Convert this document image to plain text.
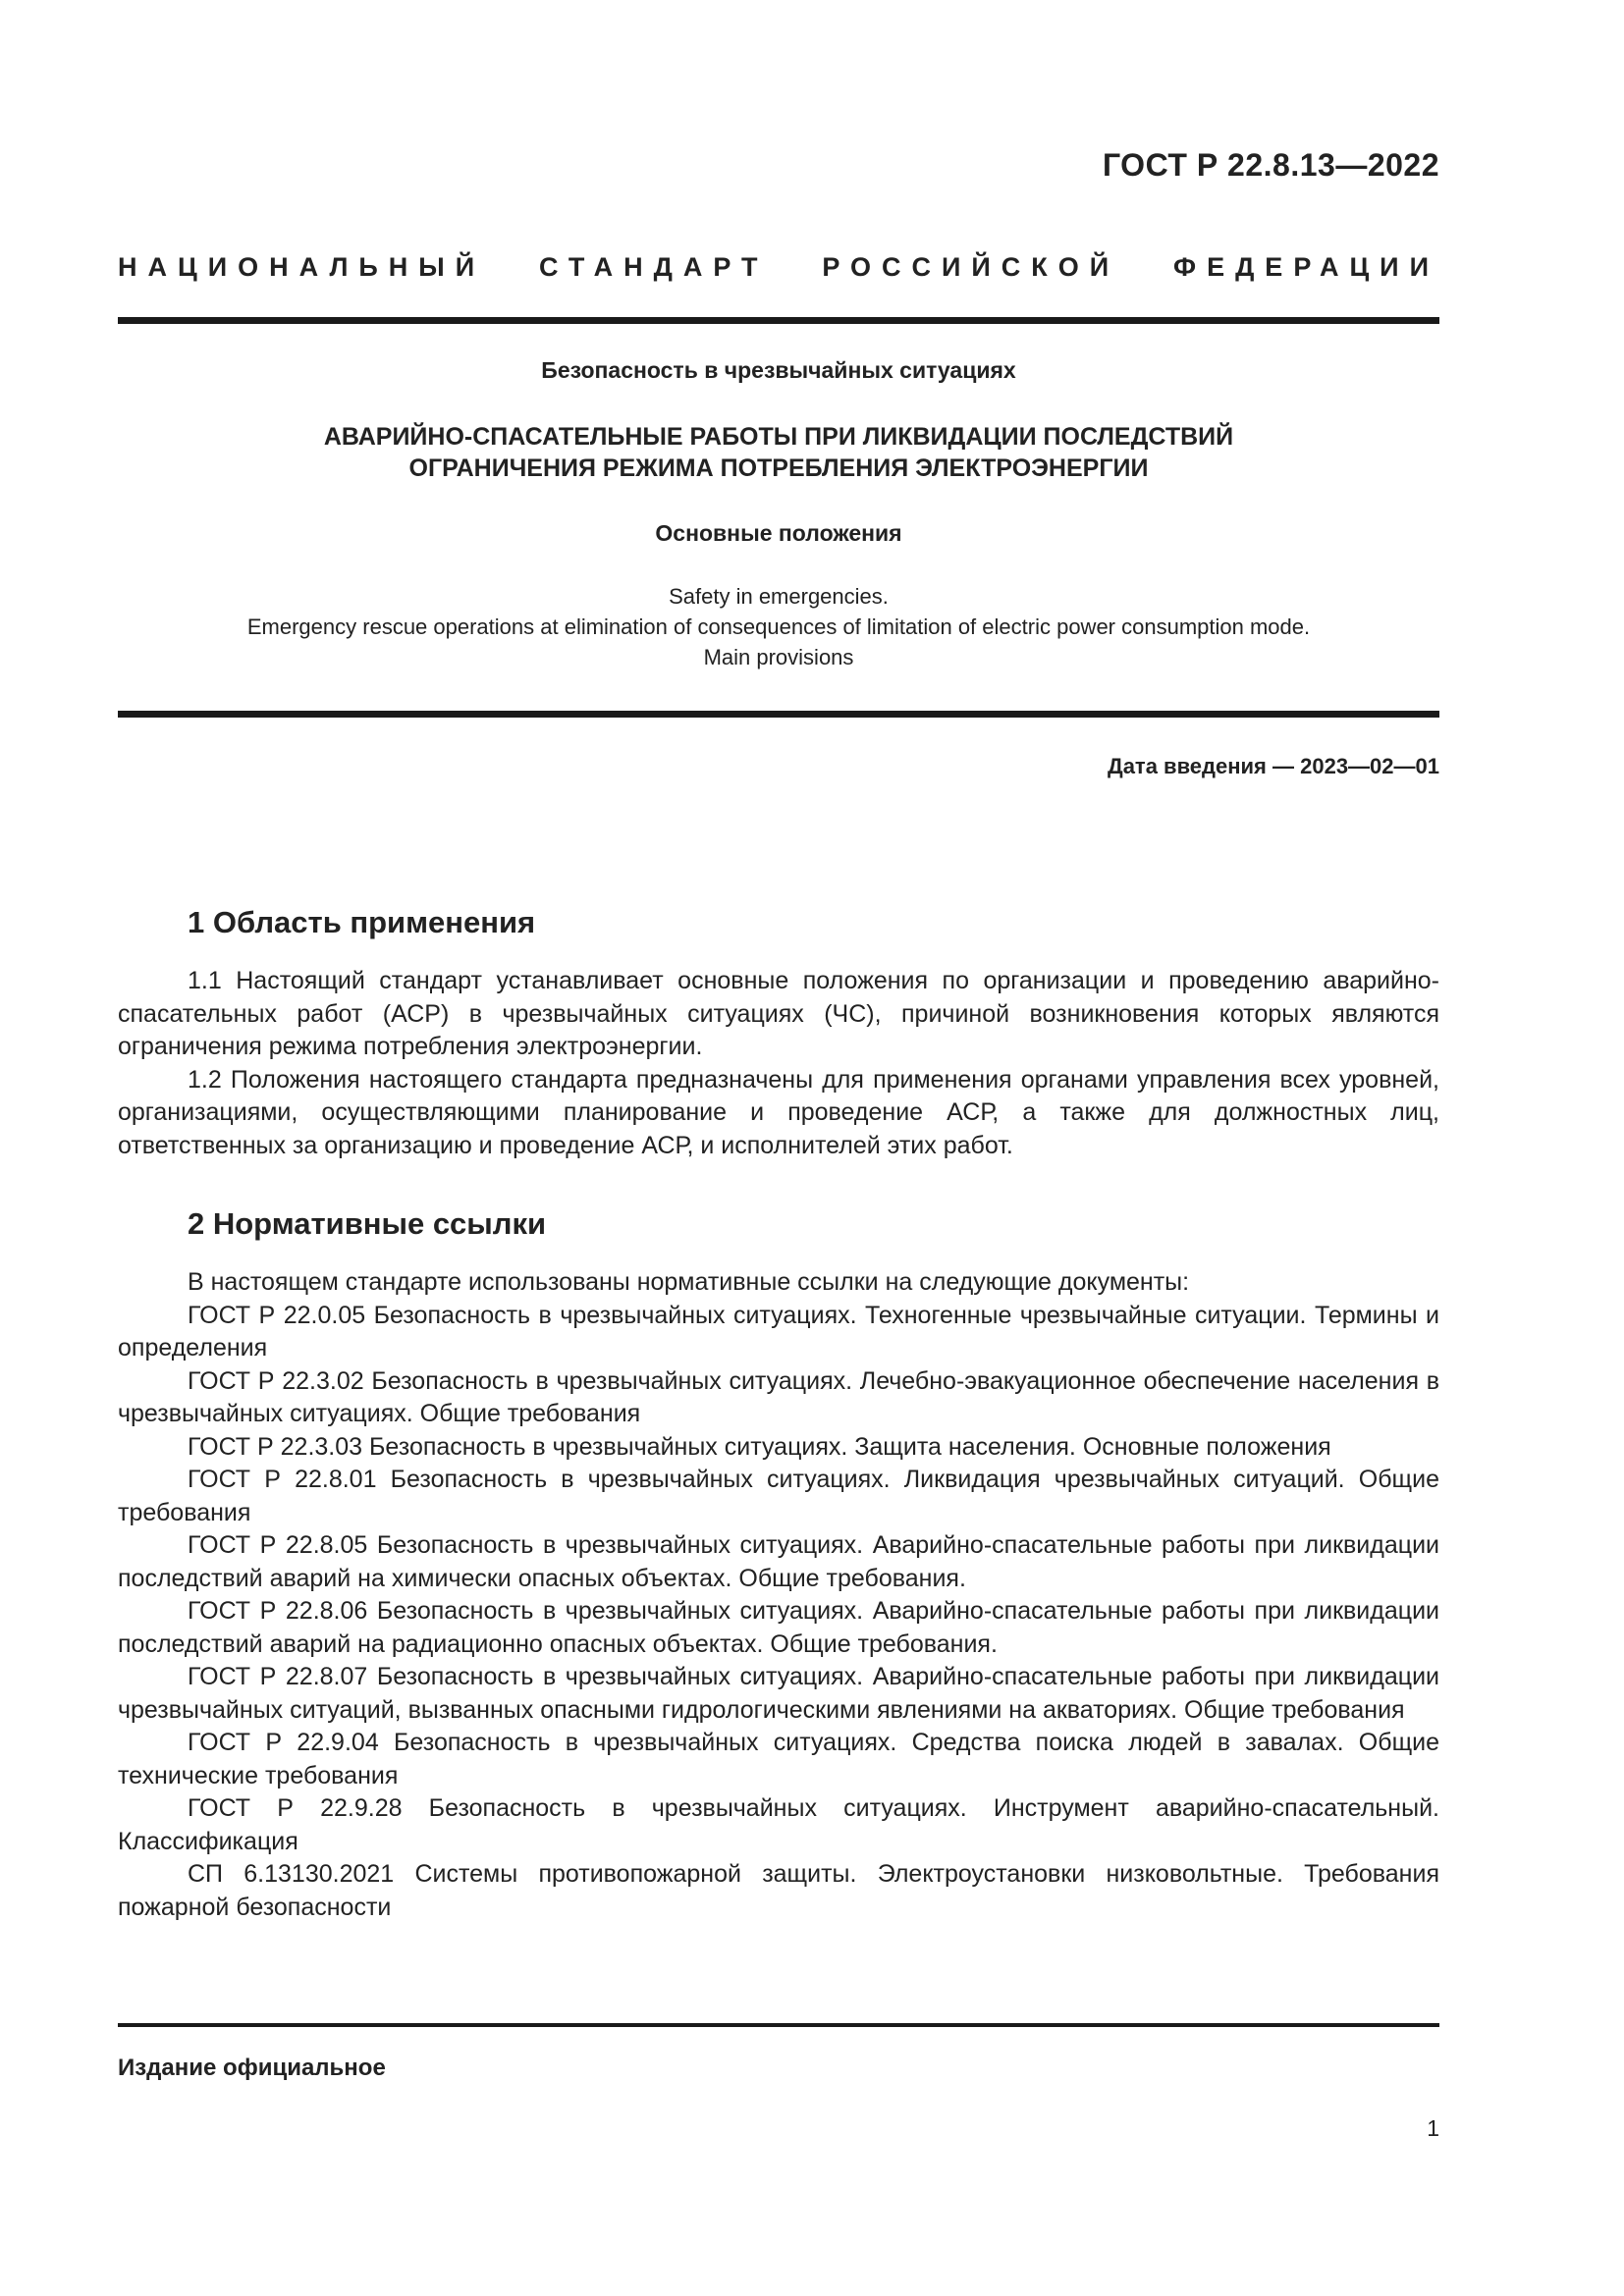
ГОСТ Р 22.8.13—2022
НАЦИОНАЛЬНЫЙ СТАНДАРТ РОССИЙСКОЙ ФЕДЕРАЦИИ
Безопасность в чрезвычайных ситуациях
АВАРИЙНО-СПАСАТЕЛЬНЫЕ РАБОТЫ ПРИ ЛИКВИДАЦИИ ПОСЛЕДСТВИЙ
ОГРАНИЧЕНИЯ РЕЖИМА ПОТРЕБЛЕНИЯ ЭЛЕКТРОЭНЕРГИИ
Основные положения
Safety in emergencies.
Emergency rescue operations at elimination of consequences of limitation of electric power consumption mode.
Main provisions
Дата введения — 2023—02—01
1 Область применения

1.1 Настоящий стандарт устанавливает основные положения по организации и проведению аварийно-спасательных работ (АСР) в чрезвычайных ситуациях (ЧС), причиной возникновения которых являются ограничения режима потребления электроэнергии.

1.2 Положения настоящего стандарта предназначены для применения органами управления всех уровней, организациями, осуществляющими планирование и проведение АСР, а также для должностных лиц, ответственных за организацию и проведение АСР, и исполнителей этих работ.

2 Нормативные ссылки

В настоящем стандарте использованы нормативные ссылки на следующие документы:

ГОСТ Р 22.0.05 Безопасность в чрезвычайных ситуациях. Техногенные чрезвычайные ситуации. Термины и определения

ГОСТ Р 22.3.02 Безопасность в чрезвычайных ситуациях. Лечебно-эвакуационное обеспечение населения в чрезвычайных ситуациях. Общие требования

ГОСТ Р 22.3.03 Безопасность в чрезвычайных ситуациях. Защита населения. Основные положения

ГОСТ Р 22.8.01 Безопасность в чрезвычайных ситуациях. Ликвидация чрезвычайных ситуаций. Общие требования

ГОСТ Р 22.8.05 Безопасность в чрезвычайных ситуациях. Аварийно-спасательные работы при ликвидации последствий аварий на химически опасных объектах. Общие требования.

ГОСТ Р 22.8.06 Безопасность в чрезвычайных ситуациях. Аварийно-спасательные работы при ликвидации последствий аварий на радиационно опасных объектах. Общие требования.

ГОСТ Р 22.8.07 Безопасность в чрезвычайных ситуациях. Аварийно-спасательные работы при ликвидации чрезвычайных ситуаций, вызванных опасными гидрологическими явлениями на акваториях. Общие требования

ГОСТ Р 22.9.04 Безопасность в чрезвычайных ситуациях. Средства поиска людей в завалах. Общие технические требования

ГОСТ Р 22.9.28 Безопасность в чрезвычайных ситуациях. Инструмент аварийно-спасательный. Классификация

СП 6.13130.2021 Системы противопожарной защиты. Электроустановки низковольтные. Требования пожарной безопасности

Издание официальное
1
